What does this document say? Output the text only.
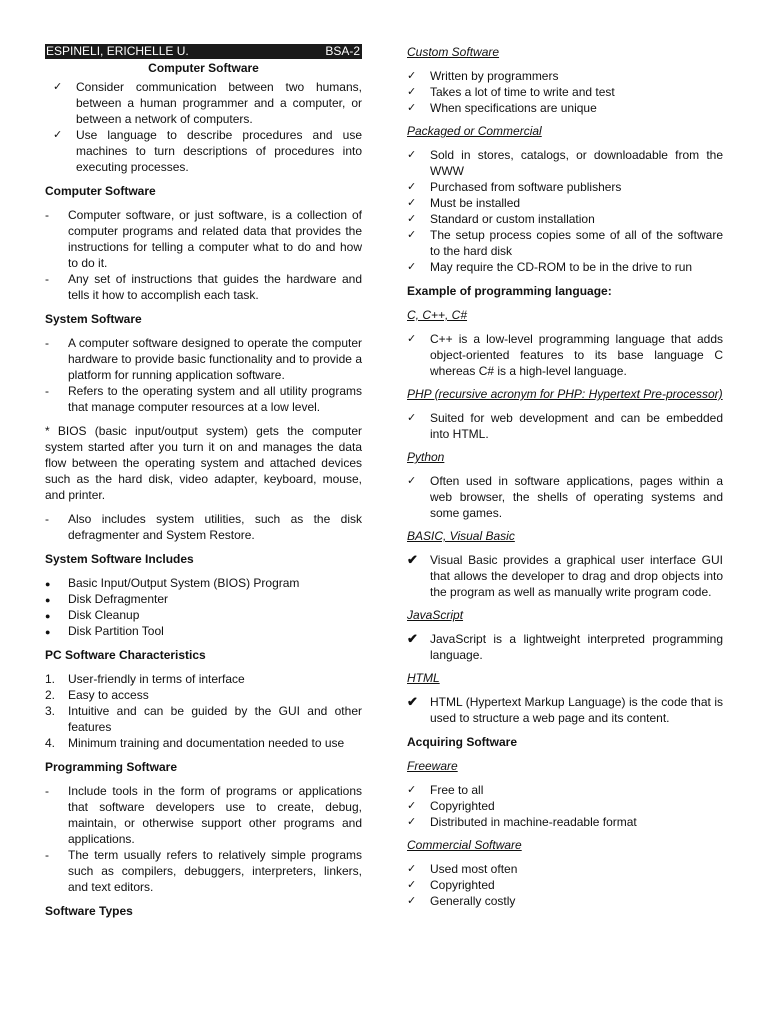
ESPINELI, ERICHELLE U.	BSA-2
Computer Software
✓	Consider communication between two humans, between a human programmer and a computer, or between a network of computers.
✓	Use language to describe procedures and use machines to turn descriptions of procedures into executing processes.
Computer Software
-	Computer software, or just software, is a collection of computer programs and related data that provides the instructions for telling a computer what to do and how to do it.
-	Any set of instructions that guides the hardware and tells it how to accomplish each task.
System Software
-	A computer software designed to operate the computer hardware to provide basic functionality and to provide a platform for running application software.
-	Refers to the operating system and all utility programs that manage computer resources at a low level.
* BIOS (basic input/output system) gets the computer system started after you turn it on and manages the data flow between the operating system and attached devices such as the hard disk, video adapter, keyboard, mouse, and printer.
-	Also includes system utilities, such as the disk defragmenter and System Restore.
System Software Includes
●	Basic Input/Output System (BIOS) Program
●	Disk Defragmenter
●	Disk Cleanup
●	Disk Partition Tool
PC Software Characteristics
1.	User-friendly in terms of interface
2.	Easy to access
3.	Intuitive and can be guided by the GUI and other features
4.	Minimum training and documentation needed to use
Programming Software
-	Include tools in the form of programs or applications that software developers use to create, debug, maintain, or otherwise support other programs and applications.
-	The term usually refers to relatively simple programs such as compilers, debuggers, interpreters, linkers, and text editors.
Software Types
Custom Software
✓	Written by programmers
✓	Takes a lot of time to write and test
✓	When specifications are unique
Packaged or Commercial
✓	Sold in stores, catalogs, or downloadable from the WWW
✓	Purchased from software publishers
✓	Must be installed
✓	Standard or custom installation
✓	The setup process copies some of all of the software to the hard disk
✓	May require the CD-ROM to be in the drive to run
Example of programming language:
C, C++, C#
✓	C++ is a low-level programming language that adds object-oriented features to its base language C whereas C# is a high-level language.
PHP (recursive acronym for PHP: Hypertext Pre-processor)
✓	Suited for web development and can be embedded into HTML.
Python
✓	Often used in software applications, pages within a web browser, the shells of operating systems and some games.
BASIC, Visual Basic
✔	Visual Basic provides a graphical user interface GUI that allows the developer to drag and drop objects into the program as well as manually write program code.
JavaScript
✔	JavaScript is a lightweight interpreted programming language.
HTML
✔	HTML (Hypertext Markup Language) is the code that is used to structure a web page and its content.
Acquiring Software
Freeware
✓	Free to all
✓	Copyrighted
✓	Distributed in machine-readable format
Commercial Software
✓	Used most often
✓	Copyrighted
✓	Generally costly
